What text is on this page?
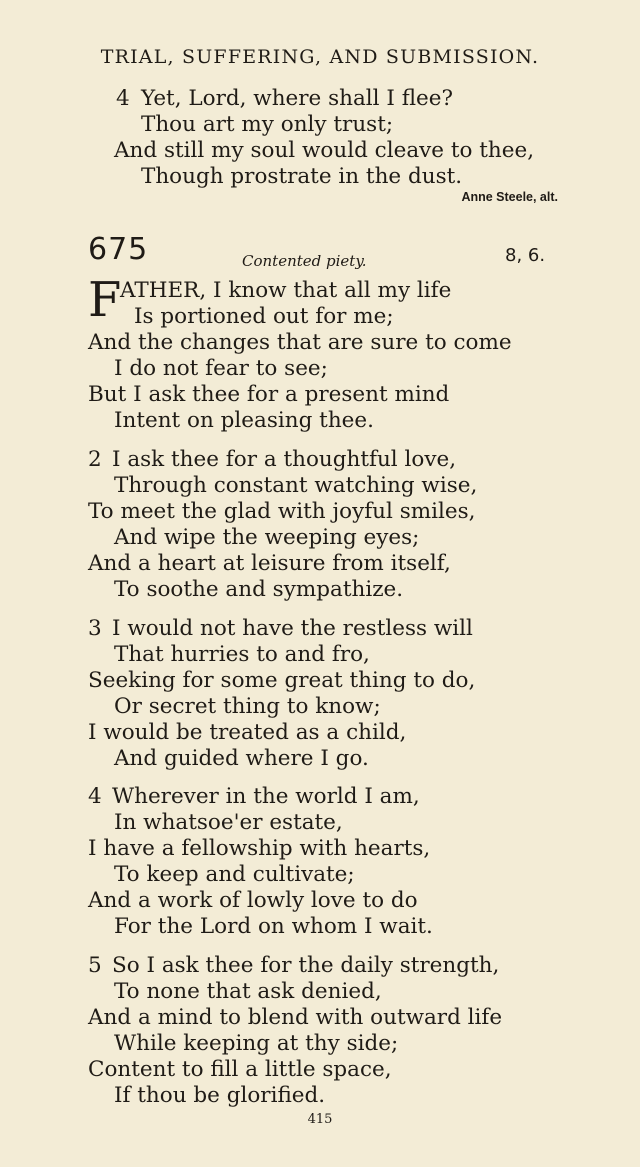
TRIAL, SUFFERING, AND SUBMISSION.
4 Yet, Lord, where shall I flee?
Thou art my only trust;
And still my soul would cleave to thee,
Though prostrate in the dust.
Anne Steele, alt.
675	Contented piety.	8, 6.
F
ATHER, I know that all my life
Is portioned out for me;
And the changes that are sure to come
I do not fear to see;
But I ask thee for a present mind
Intent on pleasing thee.
2 I ask thee for a thoughtful love,
Through constant watching wise,
To meet the glad with joyful smiles,
And wipe the weeping eyes;
And a heart at leisure from itself,
To soothe and sympathize.
3 I would not have the restless will
That hurries to and fro,
Seeking for some great thing to do,
Or secret thing to know;
I would be treated as a child,
And guided where I go.
4 Wherever in the world I am,
In whatsoe'er estate,
I have a fellowship with hearts,
To keep and cultivate;
And a work of lowly love to do
For the Lord on whom I wait.
5 So I ask thee for the daily strength,
To none that ask denied,
And a mind to blend with outward life
While keeping at thy side;
Content to fill a little space,
If thou be glorified.
415
